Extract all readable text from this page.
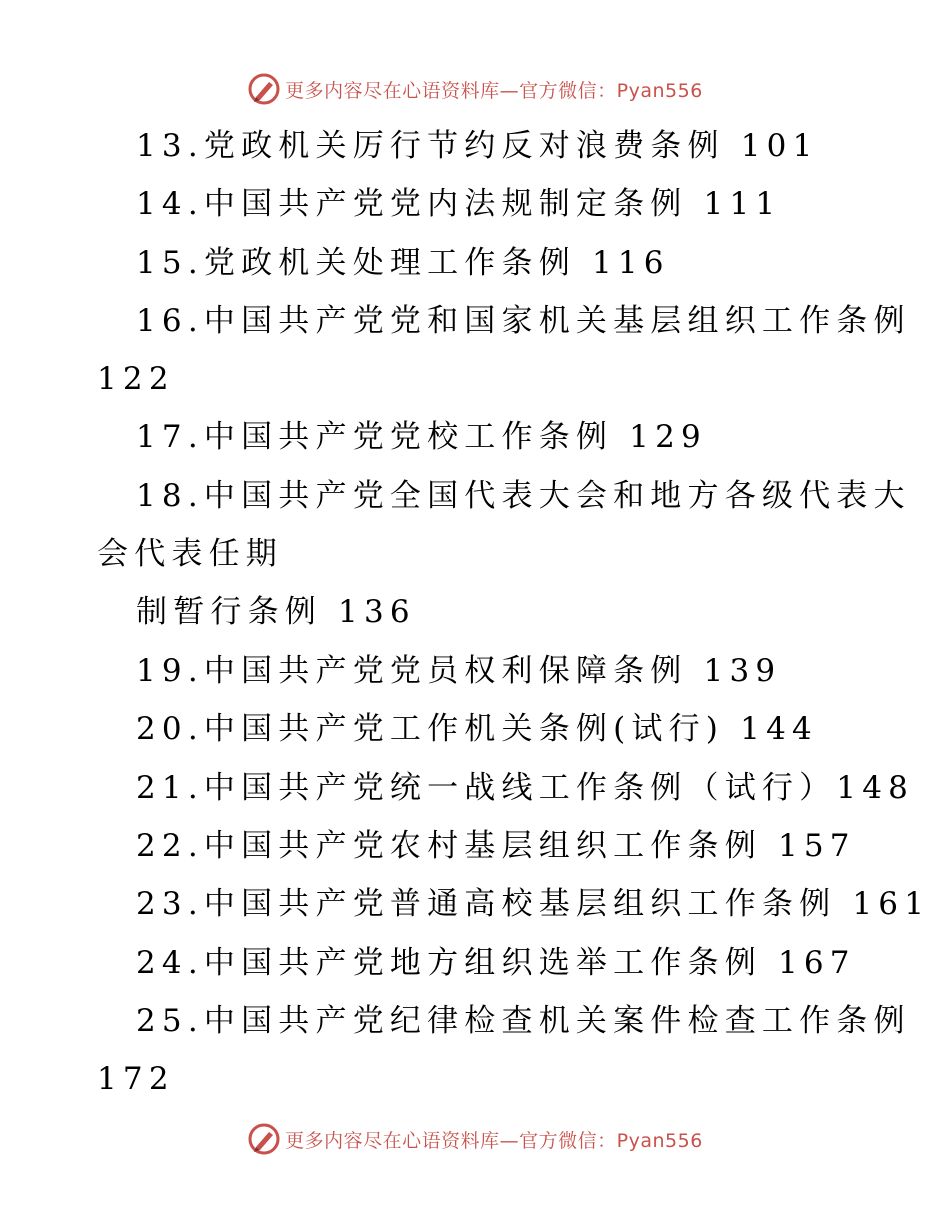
更多内容尽在心语资料库—官方微信：Pyan556
13.党政机关厉行节约反对浪费条例 101
14.中国共产党党内法规制定条例 111
15.党政机关处理工作条例 116
16.中国共产党党和国家机关基层组织工作条例
122
17.中国共产党党校工作条例 129
18.中国共产党全国代表大会和地方各级代表大
会代表任期
制暂行条例 136
19.中国共产党党员权利保障条例 139
20.中国共产党工作机关条例(试行) 144
21.中国共产党统一战线工作条例（试行）148
22.中国共产党农村基层组织工作条例 157
23.中国共产党普通高校基层组织工作条例 161
24.中国共产党地方组织选举工作条例 167
25.中国共产党纪律检查机关案件检查工作条例
172
更多内容尽在心语资料库—官方微信：Pyan556
